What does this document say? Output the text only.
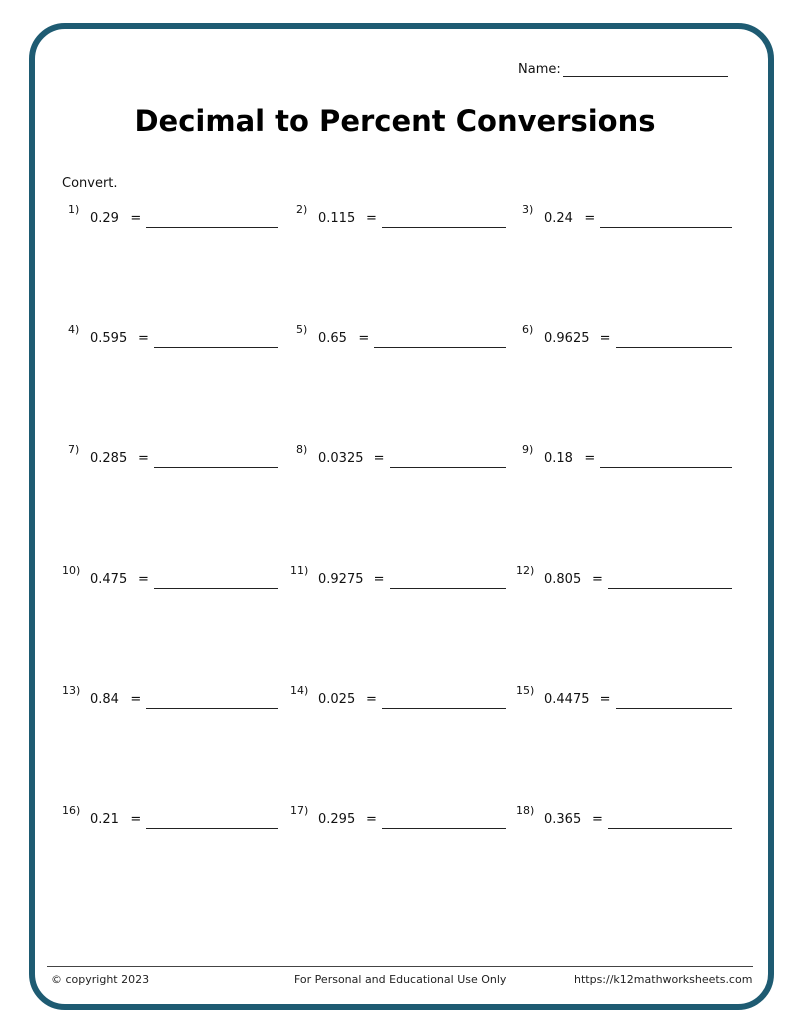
Name:
Decimal to Percent Conversions
Convert.
1)
0.29 =
2)
0.115 =
3)
0.24 =
4)
0.595 =
5)
0.65 =
6)
0.9625 =
7)
0.285 =
8)
0.0325 =
9)
0.18 =
10)
0.475 =
11)
0.9275 =
12)
0.805 =
13)
0.84 =
14)
0.025 =
15)
0.4475 =
16)
0.21 =
17)
0.295 =
18)
0.365 =
© copyright 2023	For Personal and Educational Use Only	https://k12mathworksheets.com
